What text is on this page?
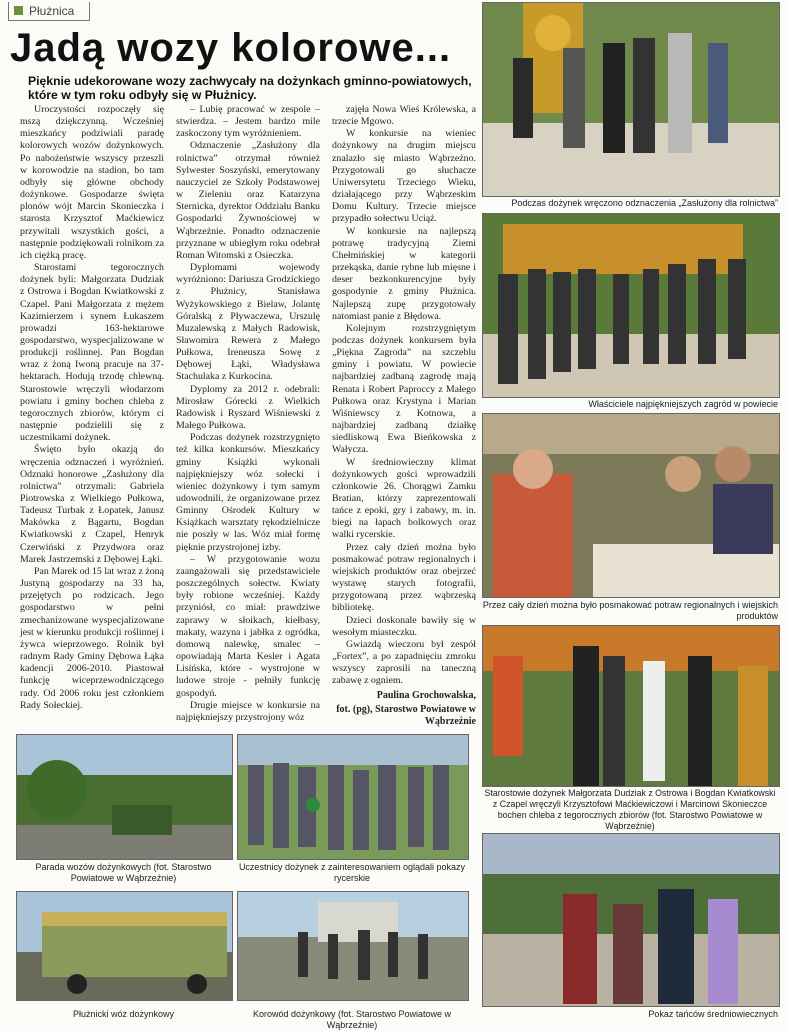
Płużnica
Jadą wozy kolorowe...
Pięknie udekorowane wozy zachwycały na dożynkach gminno-powiatowych, które w tym roku odbyły się w Płużnicy.

Uroczystości rozpoczęły się mszą dziękczynną. Wcześniej mieszkańcy podziwiali paradę kolorowych wozów dożynkowych. Po nabożeństwie wszyscy przeszli w korowodzie na stadion, bo tam odbyły się główne obchody dożynkowe. Gospodarze święta plonów wójt Marcin Skonieczka i starosta Krzysztof Maćkiewicz przywitali wszystkich gości, a następnie podziękowali rolnikom za ich ciężką pracę.

Starostami tegorocznych dożynek byli: Małgorzata Dudziak z Ostrowa i Bogdan Kwiatkowski z Czapel. Pani Małgorzata z mężem Kazimierzem i synem Łukaszem prowadzi 163-hektarowe gospodarstwo, wyspecjalizowane w produkcji roślinnej. Pan Bogdan wraz z żoną Iwoną pracuje na 37-hektarach. Hodują trzodę chlewną. Starostowie wręczyli włodarzom powiatu i gminy bochen chleba z tegorocznych zbiorów, którym ci następnie podzielili się z uczestnikami dożynek.

Święto było okazją do wręczenia odznaczeń i wyróżnień. Odznaki honorowe „Zasłużony dla rolnictwa” otrzymali: Gabriela Piotrowska z Wielkiego Pułkowa, Tadeusz Turbak z Łopatek, Janusz Makówka z Bągartu, Bogdan Kwiatkowski z Czapel, Henryk Czerwiński z Przydwora oraz Marek Jastrzemski z Dębowej Łąki.

Pan Marek od 15 lat wraz z żoną Justyną gospodarzy na 33 ha, przejętych po rodzicach. Jego gospodarstwo w pełni zmechanizowane wyspecjalizowane jest w kierunku produkcji roślinnej i żywca wieprzowego. Rolnik był radnym Rady Gminy Dębowa Łąka kadencji 2006-2010. Piastował funkcję wiceprzewodniczącego rady. Od 2006 roku jest członkiem Rady Sołeckiej.

– Lubię pracować w zespole – stwierdza. – Jestem bardzo mile zaskoczony tym wyróżnieniem.

Odznaczenie „Zasłużony dla rolnictwa” otrzymał również Sylwester Soszyński, emerytowany nauczyciel ze Szkoły Podstawowej w Zieleniu oraz Katarzyna Sternicka, dyrektor Oddziału Banku Gospodarki Żywnościowej w Wąbrzeźnie. Ponadto odznaczenie przyznane w ubiegłym roku odebrał Roman Witomski z Osieczka.

Dyplomami wojewody wyróżniono: Dariusza Grodzickiego z Płużnicy, Stanisława Wyżykowskiego z Bielaw, Jolantę Góralską z Pływaczewa, Urszulę Muzalewską z Małych Radowisk, Sławomira Rewera z Małego Pułkowa, Ireneusza Sowę z Dębowej Łąki, Władysława Stachulaka z Kurkocina.

Dyplomy za 2012 r. odebrali: Mirosław Górecki z Wielkich Radowisk i Ryszard Wiśniewski z Małego Pułkowa.

Podczas dożynek rozstrzygnięto też kilka konkursów. Mieszkańcy gminy Książki wykonali najpiękniejszy wóz sołecki i wieniec dożynkowy i tym samym udowodnili, że organizowane przez Gminny Ośrodek Kultury w Książkach warsztaty rękodzielnicze nie poszły w las. Wóz miał formę pięknie przystrojonej izby.

– W przygotowanie wozu zaangażowali się przedstawiciele poszczególnych sołectw. Kwiaty były robione wcześniej. Każdy przyniósł, co miał: prawdziwe zaprawy w słoikach, kiełbasy, makaty, wazyna i jabłka z ogródka, domową nalewkę, smalec – opowiadają Marta Kesler i Agata Lisińska, które - wystrojone w ludowe stroje - pełniły funkcję gospodyń.

Drugie miejsce w konkursie na najpiękniejszy przystrojony wóz

zajęła Nowa Wieś Królewska, a trzecie Mgowo.

W konkursie na wieniec dożynkowy na drugim miejscu znalazło się miasto Wąbrzeźno. Przygotowali go słuchacze Uniwersytetu Trzeciego Wieku, działającego przy Wąbrzeskim Domu Kultury. Trzecie miejsce przypadło sołectwu Uciąż.

W konkursie na najlepszą potrawę tradycyjną Ziemi Chełmińskiej w kategorii przekąska, danie rybne lub mięsne i deser bezkonkurencyjne były gospodynie z gminy Płużnica. Najlepszą zupę przygotowały natomiast panie z Błędowa.

Kolejnym rozstrzygniętym podczas dożynek konkursem była „Piękna Zagroda” na szczeblu gminy i powiatu. W powiecie najbardziej zadbaną zagrodę mają Renata i Robert Paproccy z Małego Pułkowa oraz Krystyna i Marian Wiśniewscy z Kotnowa, a najbardziej zadbaną działkę siedliskową Ewa Bieńkowska z Wałycza.

W średniowieczny klimat dożynkowych gości wprowadzili członkowie 26. Chorągwi Zamku Bratian, którzy zaprezentowali tańce z epoki, gry i zabawy, m. in. biegi na łapach bolkowych oraz walki rycerskie.

Przez cały dzień można było posmakować potraw regionalnych i wiejskich produktów oraz obejrzeć wystawę starych fotografii, przygotowaną przez wąbrzeską bibliotekę.

Dzieci doskonale bawiły się w wesołym miasteczku.

Gwiazdą wieczoru był zespół „Fortex”, a po zapadnięciu zmroku wszyscy zaprosili na taneczną zabawę z ogniem.

Paulina Grochowalska,
fot. (pg), Starostwo Powiatowe w Wąbrzeźnie
Podczas dożynek wręczono odznaczenia „Zasłużony dla rolnictwa”
Właściciele najpiękniejszych zagród w powiecie
Przez cały dzień można było posmakować potraw regionalnych i wiejskich produktów
Starostowie dożynek Małgorzata Dudziak z Ostrowa i Bogdan Kwiatkowski z Czapel wręczyli Krzysztofowi Maćkiewiczowi i Marcinowi Skonieczce bochen chleba z tegorocznych zbiorów (fot. Starostwo Powiatowe w Wąbrzeźnie)
Pokaz tańców średniowiecznych
Parada wozów dożynkowych (fot. Starostwo Powiatowe w Wąbrzeźnie)
Uczestnicy dożynek z zainteresowaniem oglądali pokazy rycerskie
Płużnicki wóz dożynkowy	Korowód dożynkowy (fot. Starostwo Powiatowe w Wąbrzeźnie)
